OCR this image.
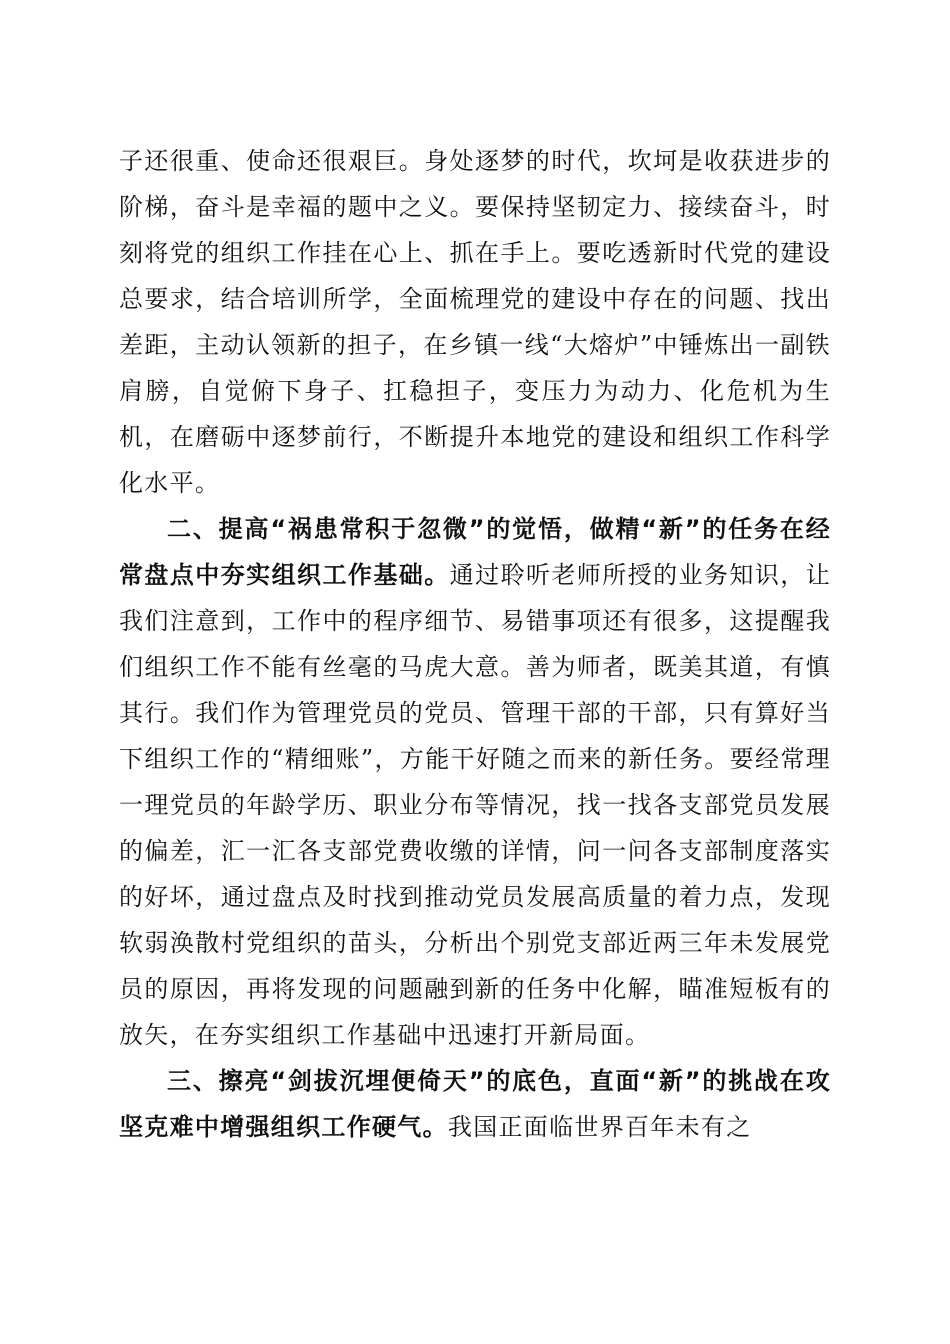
子还很重、使命还很艰巨。身处逐梦的时代，坎坷是收获进步的阶梯，奋斗是幸福的题中之义。要保持坚韧定力、接续奋斗，时刻将党的组织工作挂在心上、抓在手上。要吃透新时代党的建设总要求，结合培训所学，全面梳理党的建设中存在的问题、找出差距，主动认领新的担子，在乡镇一线“大熔炉”中锤炼出一副铁肩膀，自觉俯下身子、扛稳担子，变压力为动力、化危机为生机，在磨砺中逐梦前行，不断提升本地党的建设和组织工作科学化水平。

二、提高“祸患常积于忽微”的觉悟，做精“新”的任务在经常盘点中夯实组织工作基础。通过聆听老师所授的业务知识，让我们注意到，工作中的程序细节、易错事项还有很多，这提醒我们组织工作不能有丝毫的马虎大意。善为师者，既美其道，有慎其行。我们作为管理党员的党员、管理干部的干部，只有算好当下组织工作的“精细账”，方能干好随之而来的新任务。要经常理一理党员的年龄学历、职业分布等情况，找一找各支部党员发展的偏差，汇一汇各支部党费收缴的详情，问一问各支部制度落实的好坏，通过盘点及时找到推动党员发展高质量的着力点，发现软弱涣散村党组织的苗头，分析出个别党支部近两三年未发展党员的原因，再将发现的问题融到新的任务中化解，瞄准短板有的放矢，在夯实组织工作基础中迅速打开新局面。

三、擦亮“剑拔沉埋便倚天”的底色，直面“新”的挑战在攻坚克难中增强组织工作硬气。我国正面临世界百年未有之
